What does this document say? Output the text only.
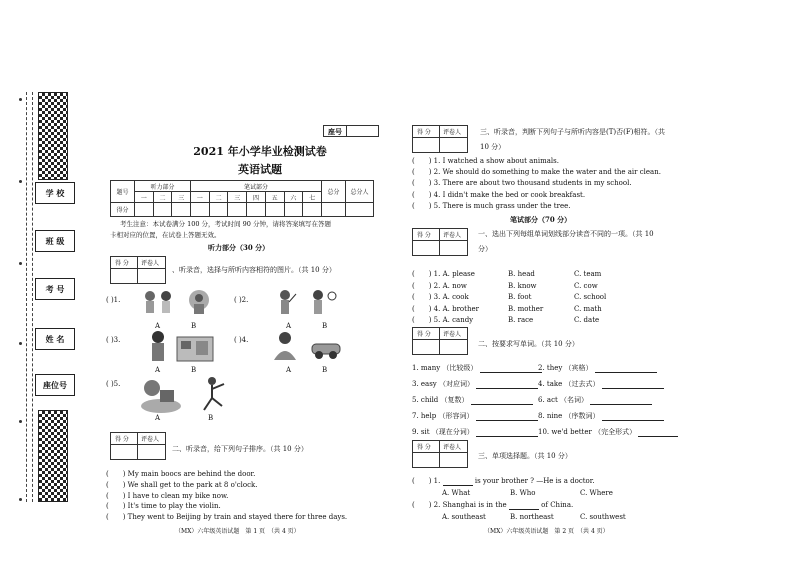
学 校
班 级
考 号
姓 名
座位号
座号
2021 年小学毕业检测试卷
英语试题
题号	听力部分			笔试部分							总分	总分人
	一	二	三	一	二	三	四	五	六	七		
得分												
考生注意：本试卷满分 100 分，考试时间 90 分钟，请将答案填写在答题
卡相对应的位置，在试卷上答题无效。
听力部分（30 分）
得 分 评卷人
、听录音，选择与所听内容相符的图片。（共 10 分）
( )1.
A	B
( )2.
A	B
( )3.
A	B
( )4.
A	B
( )5.
A	B
得 分 评卷人
二、听录音，给下列句子排序。（共 10 分）
(　　) My main boocs are behind the door.
(　　) We shall get to the park at 8 o'clock.
(　　) I have to clean my bike now.
(　　) It's time to play the violin.
(　　) They went to Beijing by train and stayed there for three days.
（MX）六年级英语试题　第 1 页　（共 4 页）
得 分 评卷人	三、听录音，判断下列句子与所听内容是(T)否(F)相符。（共
10 分）
(　　) 1. I watched a show about animals.
(　　) 2. We should do something to make the water and the air clean.
(　　) 3. There are about two thousand students in my school.
(　　) 4. I didn't make the bed or cook breakfast.
(　　) 5. There is much grass under the tree.
笔试部分（70 分）
得 分 评卷人 一、选出下列每组单词划线部分读音不同的一项。（共 10
分）
(　　) 1. A. please	B. head	C. team
(　　) 2. A. now	B. know	C. cow
(　　) 3. A. cook	B. foot	C. school
(　　) 4. A. brother	B. mother	C. math
(　　) 5. A. candy	B. race	C. date
得 分 评卷人
二、按要求写单词。（共 10 分）
1. many （比较级）	2. they （宾格）
3. easy （对应词）	4. take （过去式）
5. child （复数）	6. act （名词）
7. help （形容词）	8. nine （序数词）
9. sit （现在分词）	10. we'd better （完全形式）
得 分 评卷人
三、单项选择题。（共 10 分）
(　　) 1.	is your brother ? —He is a doctor.
A. What	B. Who	C. Where
(　　) 2. Shanghai is in the	of China.
A. southeast	B. northeast	C. southwest
（MX）六年级英语试题　第 2 页　（共 4 页）
